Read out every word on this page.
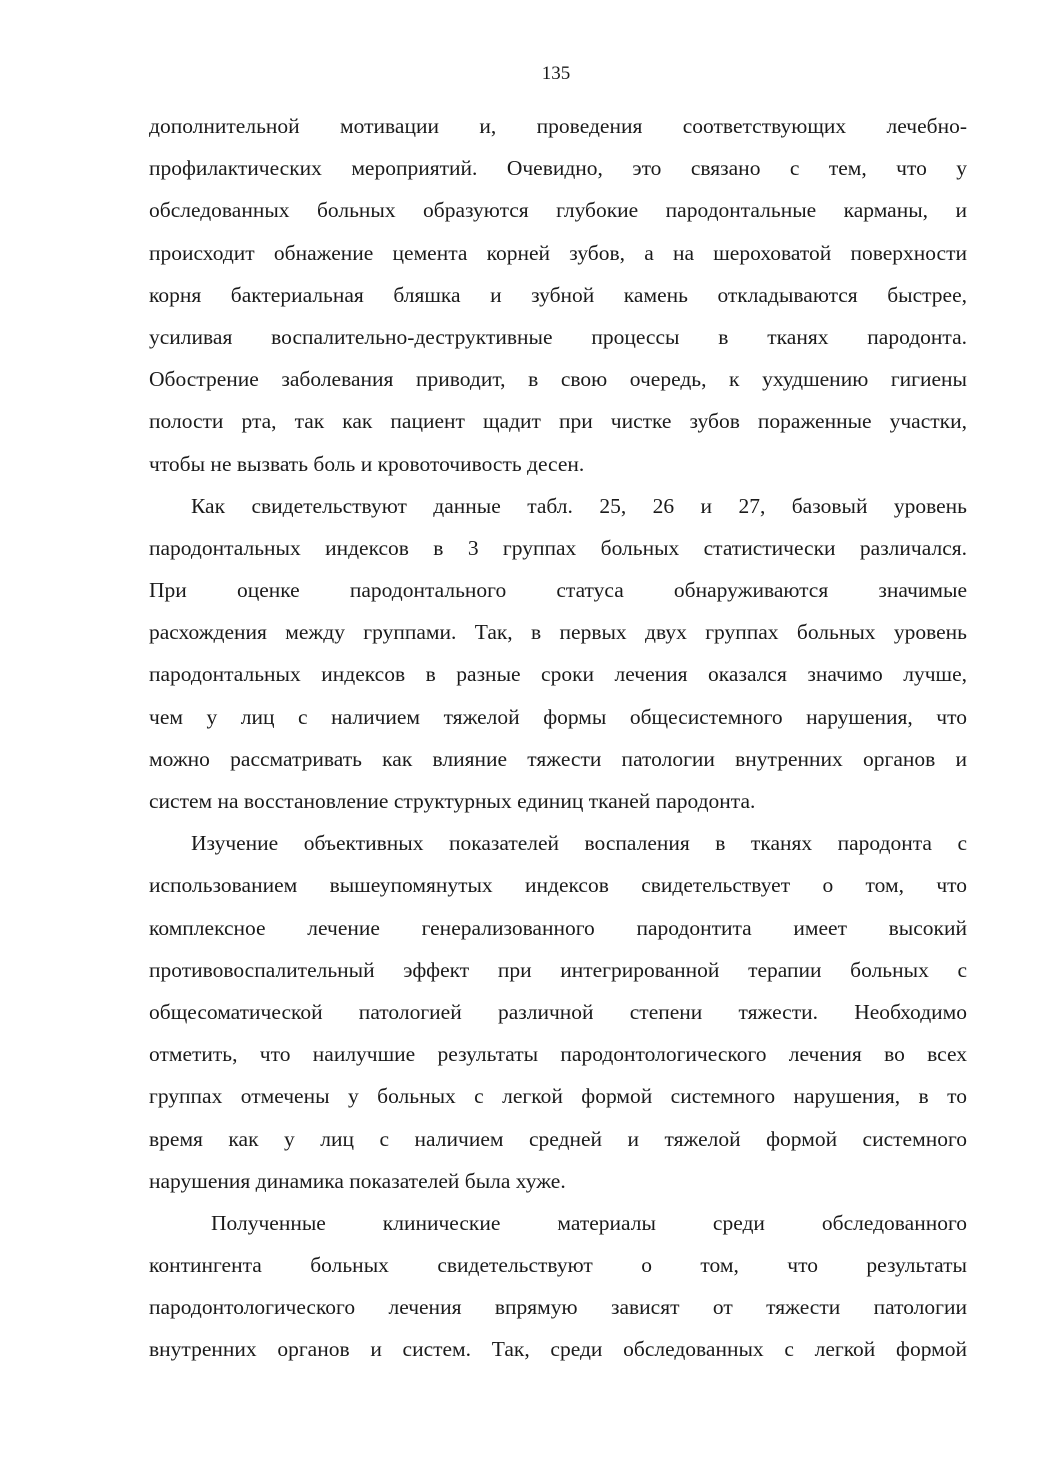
135
дополнительной мотивации и, проведения соответствующих лечебно-
профилактических мероприятий. Очевидно, это связано с тем, что у
обследованных больных образуются глубокие пародонтальные карманы, и
происходит обнажение цемента корней зубов, а на шероховатой поверхности
корня бактериальная бляшка и зубной камень откладываются быстрее,
усиливая воспалительно-деструктивные процессы в тканях пародонта.
Обострение заболевания приводит, в свою очередь, к ухудшению гигиены
полости рта, так как пациент щадит при чистке зубов пораженные участки,
чтобы не вызвать боль и кровоточивость десен.
Как свидетельствуют данные табл. 25, 26 и 27, базовый уровень
пародонтальных индексов в 3 группах больных статистически различался.
При оценке пародонтального статуса обнаруживаются значимые
расхождения между группами. Так, в первых двух группах больных уровень
пародонтальных индексов в разные сроки лечения оказался значимо лучше,
чем у лиц с наличием тяжелой формы общесистемного нарушения, что
можно рассматривать как влияние тяжести патологии внутренних органов и
систем на восстановление структурных единиц тканей пародонта.
Изучение объективных показателей воспаления в тканях пародонта с
использованием вышеупомянутых индексов свидетельствует о том, что
комплексное лечение генерализованного пародонтита имеет высокий
противовоспалительный эффект при интегрированной терапии больных с
общесоматической патологией различной степени тяжести. Необходимо
отметить, что наилучшие результаты пародонтологического лечения во всех
группах отмечены у больных с легкой формой системного нарушения, в то
время как у лиц с наличием средней и тяжелой формой системного
нарушения динамика показателей была хуже.
Полученные клинические материалы среди обследованного
контингента больных свидетельствуют о том, что результаты
пародонтологического лечения впрямую зависят от тяжести патологии
внутренних органов и систем. Так, среди обследованных с легкой формой
